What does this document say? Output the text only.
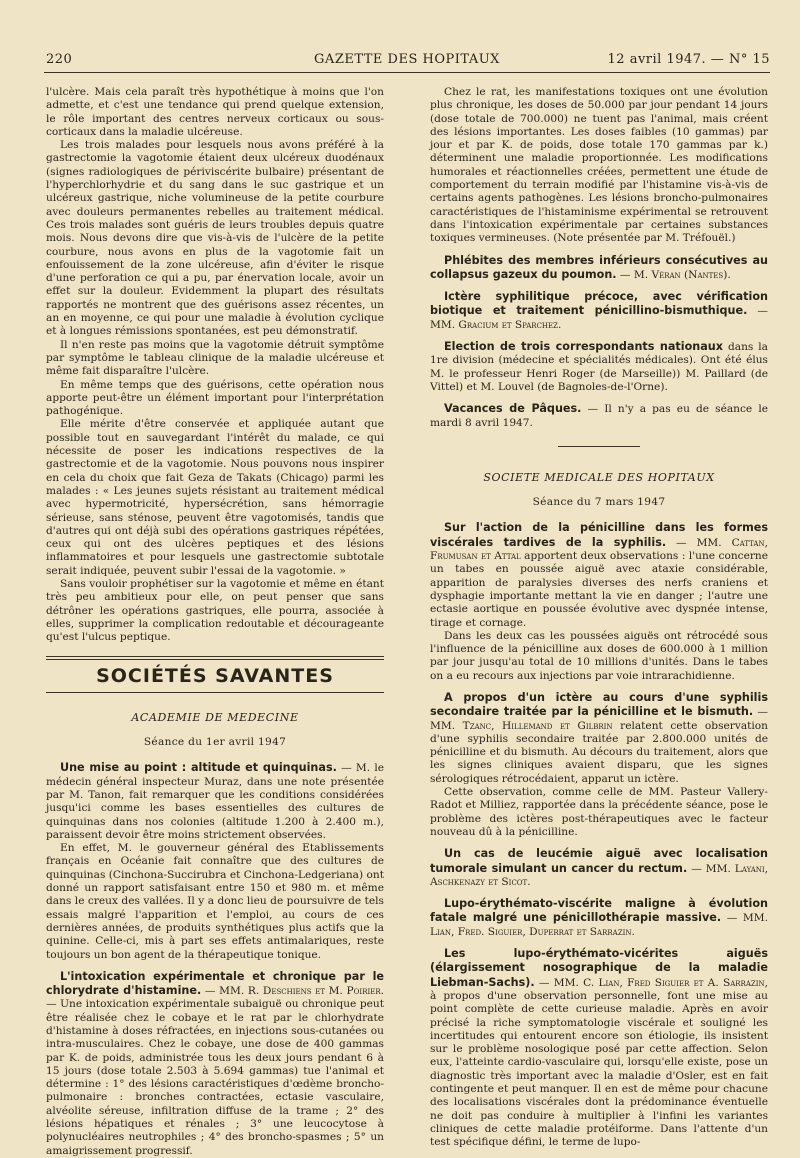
220	GAZETTE DES HOPITAUX	12 avril 1947. — N° 15

l'ulcère. Mais cela paraît très hypothétique à moins que l'on admette, et c'est une tendance qui prend quelque extension, le rôle important des centres nerveux corticaux ou sous-corticaux dans la maladie ulcéreuse.

Les trois malades pour lesquels nous avons préféré à la gastrectomie la vagotomie étaient deux ulcéreux duodénaux (signes radiologiques de périviscérite bulbaire) présentant de l'hyperchlorhydrie et du sang dans le suc gastrique et un ulcéreux gastrique, niche volumineuse de la petite courbure avec douleurs permanentes rebelles au traitement médical. Ces trois malades sont guéris de leurs troubles depuis quatre mois. Nous devons dire que vis-à-vis de l'ulcère de la petite courbure, nous avons en plus de la vagotomie fait un enfouissement de la zone ulcéreuse, afin d'éviter le risque d'une perforation ce qui a pu, par énervation locale, avoir un effet sur la douleur. Evidemment la plupart des résultats rapportés ne montrent que des guérisons assez récentes, un an en moyenne, ce qui pour une maladie à évolution cyclique et à longues rémissions spontanées, est peu démonstratif.

Il n'en reste pas moins que la vagotomie détruit symptôme par symptôme le tableau clinique de la maladie ulcéreuse et même fait disparaître l'ulcère.

En même temps que des guérisons, cette opération nous apporte peut-être un élément important pour l'interprétation pathogénique.

Elle mérite d'être conservée et appliquée autant que possible tout en sauvegardant l'intérêt du malade, ce qui nécessite de poser les indications respectives de la gastrectomie et de la vagotomie. Nous pouvons nous inspirer en cela du choix que fait Geza de Takats (Chicago) parmi les malades : « Les jeunes sujets résistant au traitement médical avec hypermotricité, hypersécrétion, sans hémorragie sérieuse, sans sténose, peuvent être vagotomisés, tandis que d'autres qui ont déjà subi des opérations gastriques répétées, ceux qui ont des ulcères peptiques et des lésions inflammatoires et pour lesquels une gastrectomie subtotale serait indiquée, peuvent subir l'essai de la vagotomie. »

Sans vouloir prophétiser sur la vagotomie et même en étant très peu ambitieux pour elle, on peut penser que sans détrôner les opérations gastriques, elle pourra, associée à elles, supprimer la complication redoutable et décourageante qu'est l'ulcus peptique.

SOCIÉTÉS SAVANTES
ACADEMIE DE MEDECINE
Séance du 1er avril 1947

Une mise au point : altitude et quinquinas. — M. le médecin général inspecteur Muraz, dans une note présentée par M. Tanon, fait remarquer que les conditions considérées jusqu'ici comme les bases essentielles des cultures de quinquinas dans nos colonies (altitude 1.200 à 2.400 m.), paraissent devoir être moins strictement observées.

En effet, M. le gouverneur général des Etablissements français en Océanie fait connaître que des cultures de quinquinas (Cinchona-Succirubra et Cinchona-Ledgeriana) ont donné un rapport satisfaisant entre 150 et 980 m. et même dans le creux des vallées. Il y a donc lieu de poursuivre de tels essais malgré l'apparition et l'emploi, au cours de ces dernières années, de produits synthétiques plus actifs que la quinine. Celle-ci, mis à part ses effets antimalariques, reste toujours un bon agent de la thérapeutique tonique.

L'intoxication expérimentale et chronique par le chlorydrate d'histamine. — MM. R. Deschiens et M. Poirier. — Une intoxication expérimentale subaiguë ou chronique peut être réalisée chez le cobaye et le rat par le chlorhydrate d'histamine à doses réfractées, en injections sous-cutanées ou intra-musculaires. Chez le cobaye, une dose de 400 gammas par K. de poids, administrée tous les deux jours pendant 6 à 15 jours (dose totale 2.503 à 5.694 gammas) tue l'animal et détermine : 1° des lésions caractéristiques d'œdème broncho-pulmonaire : bronches contractées, ectasie vasculaire, alvéolite séreuse, infiltration diffuse de la trame ; 2° des lésions hépatiques et rénales ; 3° une leucocytose à polynucléaires neutrophiles ; 4° des broncho-spasmes ; 5° un amaigrissement progressif.

Chez le rat, les manifestations toxiques ont une évolution plus chronique, les doses de 50.000 par jour pendant 14 jours (dose totale de 700.000) ne tuent pas l'animal, mais créent des lésions importantes. Les doses faibles (10 gammas) par jour et par K. de poids, dose totale 170 gammas par k.) déterminent une maladie proportionnée. Les modifications humorales et réactionnelles créées, permettent une étude de comportement du terrain modifié par l'histamine vis-à-vis de certains agents pathogènes. Les lésions broncho-pulmonaires caractéristiques de l'histaminisme expérimental se retrouvent dans l'intoxication expérimentale par certaines substances toxiques vermineuses. (Note présentée par M. Tréfouël.)

Phlébites des membres inférieurs consécutives au collapsus gazeux du poumon. — M. Véran (Nantes).

Ictère syphilitique précoce, avec vérification biotique et traitement pénicillino-bismuthique. — MM. Gracium et Sparchez.

Election de trois correspondants nationaux dans la 1re division (médecine et spécialités médicales). Ont été élus M. le professeur Henri Roger (de Marseille)) M. Paillard (de Vittel) et M. Louvel (de Bagnoles-de-l'Orne).

Vacances de Pâques. — Il n'y a pas eu de séance le mardi 8 avril 1947.

SOCIETE MEDICALE DES HOPITAUX
Séance du 7 mars 1947

Sur l'action de la pénicilline dans les formes viscérales tardives de la syphilis. — MM. Cattan, Frumusan et Attal apportent deux observations : l'une concerne un tabes en poussée aiguë avec ataxie considérable, apparition de paralysies diverses des nerfs craniens et dysphagie importante mettant la vie en danger ; l'autre une ectasie aortique en poussée évolutive avec dyspnée intense, tirage et cornage.

Dans les deux cas les poussées aiguës ont rétrocédé sous l'influence de la pénicilline aux doses de 600.000 à 1 million par jour jusqu'au total de 10 millions d'unités. Dans le tabes on a eu recours aux injections par voie intrarachidienne.

A propos d'un ictère au cours d'une syphilis secondaire traitée par la pénicilline et le bismuth. — MM. Tzanc, Hillemand et Gilbrin relatent cette observation d'une syphilis secondaire traitée par 2.800.000 unités de pénicilline et du bismuth. Au décours du traitement, alors que les signes cliniques avaient disparu, que les signes sérologiques rétrocédaient, apparut un ictère.

Cette observation, comme celle de MM. Pasteur Vallery-Radot et Milliez, rapportée dans la précédente séance, pose le problème des ictères post-thérapeutiques avec le facteur nouveau dû à la pénicilline.

Un cas de leucémie aiguë avec localisation tumorale simulant un cancer du rectum. — MM. Layani, Aschkenazy et Sicot.

Lupo-érythémato-viscérite maligne à évolution fatale malgré une pénicillothérapie massive. — MM. Lian, Fred. Siguier, Duperrat et Sarrazin.

Les lupo-érythémato-vicérites aiguës (élargissement nosographique de la maladie Liebman-Sachs). — MM. C. Lian, Fred Siguier et A. Sarrazin, à propos d'une observation personnelle, font une mise au point complète de cette curieuse maladie. Après en avoir précisé la riche symptomatologie viscérale et souligné les incertitudes qui entourent encore son étiologie, ils insistent sur le problème nosologique posé par cette affection. Selon eux, l'atteinte cardio-vasculaire qui, lorsqu'elle existe, pose un diagnostic très important avec la maladie d'Osler, est en fait contingente et peut manquer. Il en est de même pour chacune des localisations viscérales dont la prédominance éventuelle ne doit pas conduire à multiplier à l'infini les variantes cliniques de cette maladie protéiforme. Dans l'attente d'un test spécifique défini, le terme de lupo-
